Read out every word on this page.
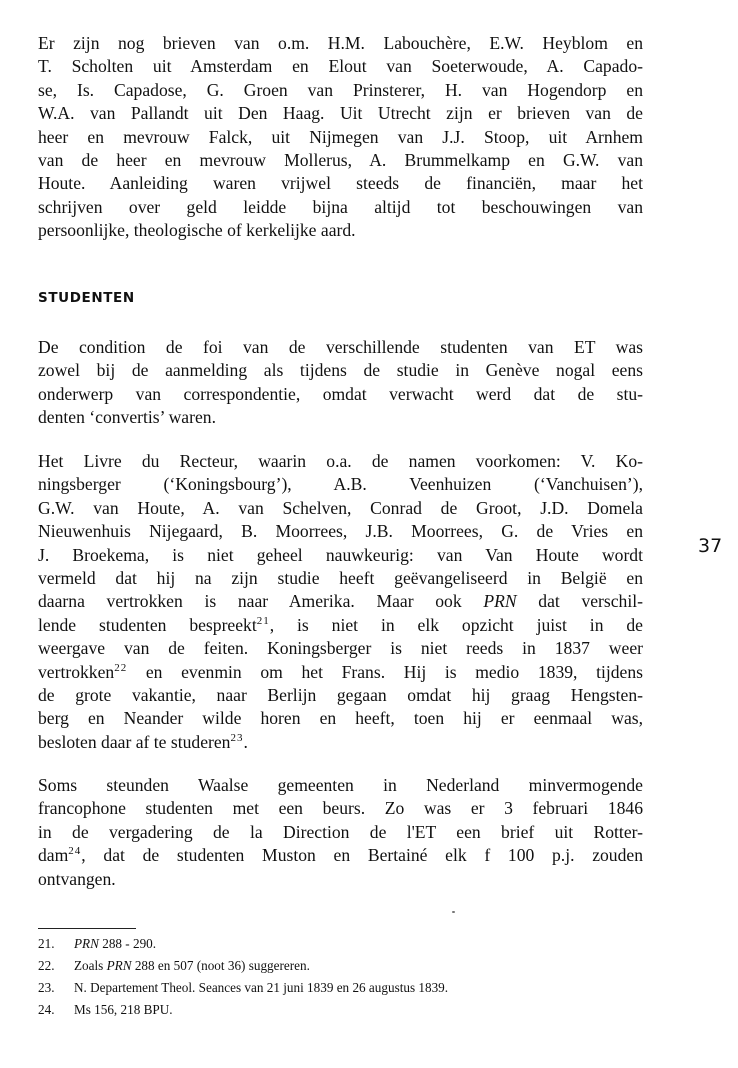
Er zijn nog brieven van o.m. H.M. Labouchère, E.W. Heyblom en
T. Scholten uit Amsterdam en Elout van Soeterwoude, A. Capado-
se, Is. Capadose, G. Groen van Prinsterer, H. van Hogendorp en
W.A. van Pallandt uit Den Haag. Uit Utrecht zijn er brieven van de
heer en mevrouw Falck, uit Nijmegen van J.J. Stoop, uit Arnhem
van de heer en mevrouw Mollerus, A. Brummelkamp en G.W. van
Houte. Aanleiding waren vrijwel steeds de financiën, maar het
schrijven over geld leidde bijna altijd tot beschouwingen van
persoonlijke, theologische of kerkelijke aard.
STUDENTEN
De condition de foi van de verschillende studenten van ET was
zowel bij de aanmelding als tijdens de studie in Genève nogal eens
onderwerp van correspondentie, omdat verwacht werd dat de stu-
denten ‘convertis’ waren.
Het Livre du Recteur, waarin o.a. de namen voorkomen: V. Ko-
ningsberger (‘Koningsbourg’), A.B. Veenhuizen (‘Vanchuisen’),
G.W. van Houte, A. van Schelven, Conrad de Groot, J.D. Domela
Nieuwenhuis Nijegaard, B. Moorrees, J.B. Moorrees, G. de Vries en
J. Broekema, is niet geheel nauwkeurig: van Van Houte wordt
vermeld dat hij na zijn studie heeft geëvangeliseerd in België en
daarna vertrokken is naar Amerika. Maar ook PRN dat verschil-
lende studenten bespreekt$^{21}$, is niet in elk opzicht juist in de
weergave van de feiten. Koningsberger is niet reeds in 1837 weer
vertrokken$^{22}$ en evenmin om het Frans. Hij is medio 1839, tijdens
de grote vakantie, naar Berlijn gegaan omdat hij graag Hengsten-
berg en Neander wilde horen en heeft, toen hij er eenmaal was,
besloten daar af te studeren$^{23}$.
Soms steunden Waalse gemeenten in Nederland minvermogende
francophone studenten met een beurs. Zo was er 3 februari 1846
in de vergadering de la Direction de l'ET een brief uit Rotter-
dam$^{24}$, dat de studenten Muston en Bertainé elk f 100 p.j. zouden
ontvangen.
37

21. PRN 288 - 290.

22. Zoals PRN 288 en 507 (noot 36) suggereren.

23. N. Departement Theol. Seances van 21 juni 1839 en 26 augustus 1839.

24. Ms 156, 218 BPU.
